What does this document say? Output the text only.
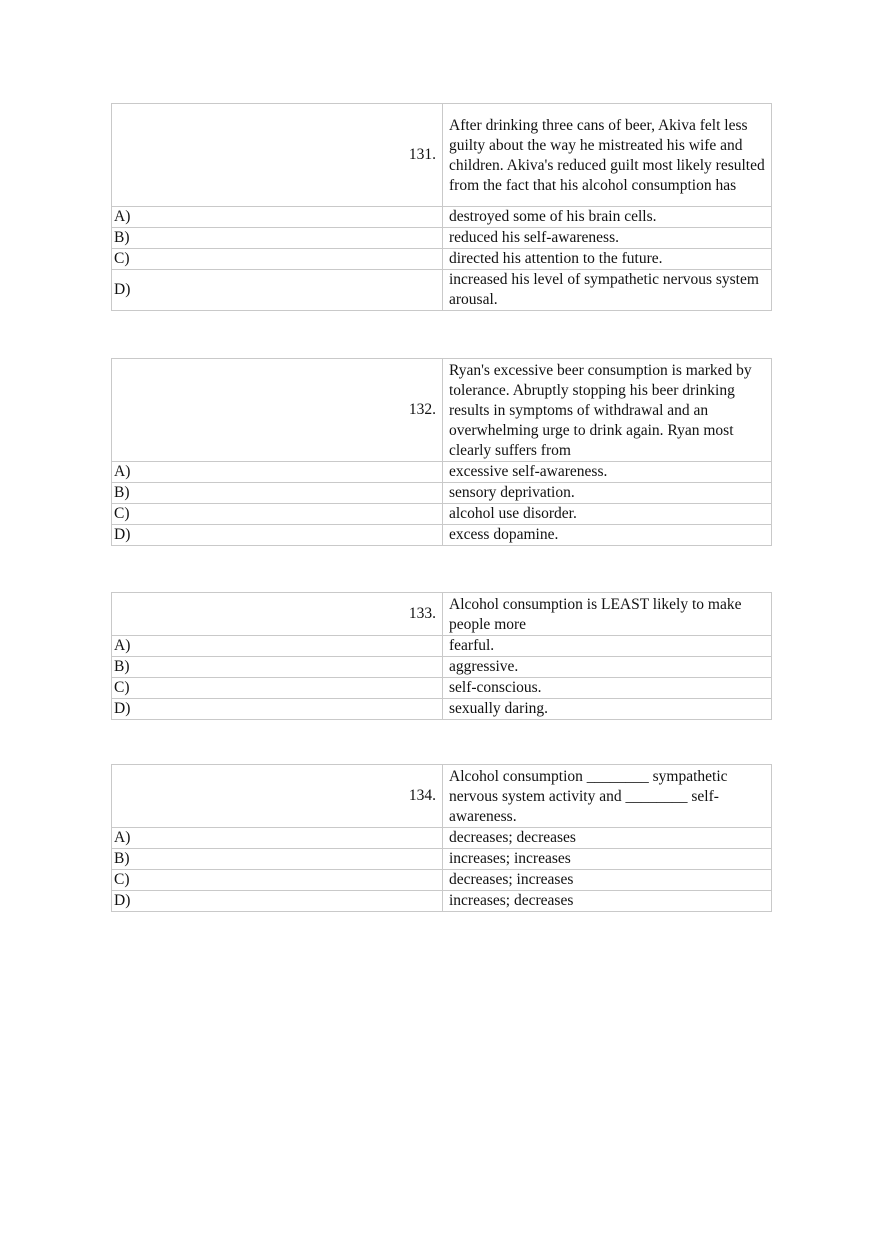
131.	After drinking three cans of beer, Akiva felt less guilty about the way he mistreated his wife and children. Akiva's reduced guilt most likely resulted from the fact that his alcohol consumption has
A)	destroyed some of his brain cells.
B)	reduced his self-awareness.
C)	directed his attention to the future.
D)	increased his level of sympathetic nervous system arousal.
132.	Ryan's excessive beer consumption is marked by tolerance. Abruptly stopping his beer drinking results in symptoms of withdrawal and an overwhelming urge to drink again. Ryan most clearly suffers from
A)	excessive self-awareness.
B)	sensory deprivation.
C)	alcohol use disorder.
D)	excess dopamine.
133.	Alcohol consumption is LEAST likely to make people more
A)	fearful.
B)	aggressive.
C)	self-conscious.
D)	sexually daring.
134.	Alcohol consumption ________ sympathetic nervous system activity and ________ self-awareness.
A)	decreases; decreases
B)	increases; increases
C)	decreases; increases
D)	increases; decreases
